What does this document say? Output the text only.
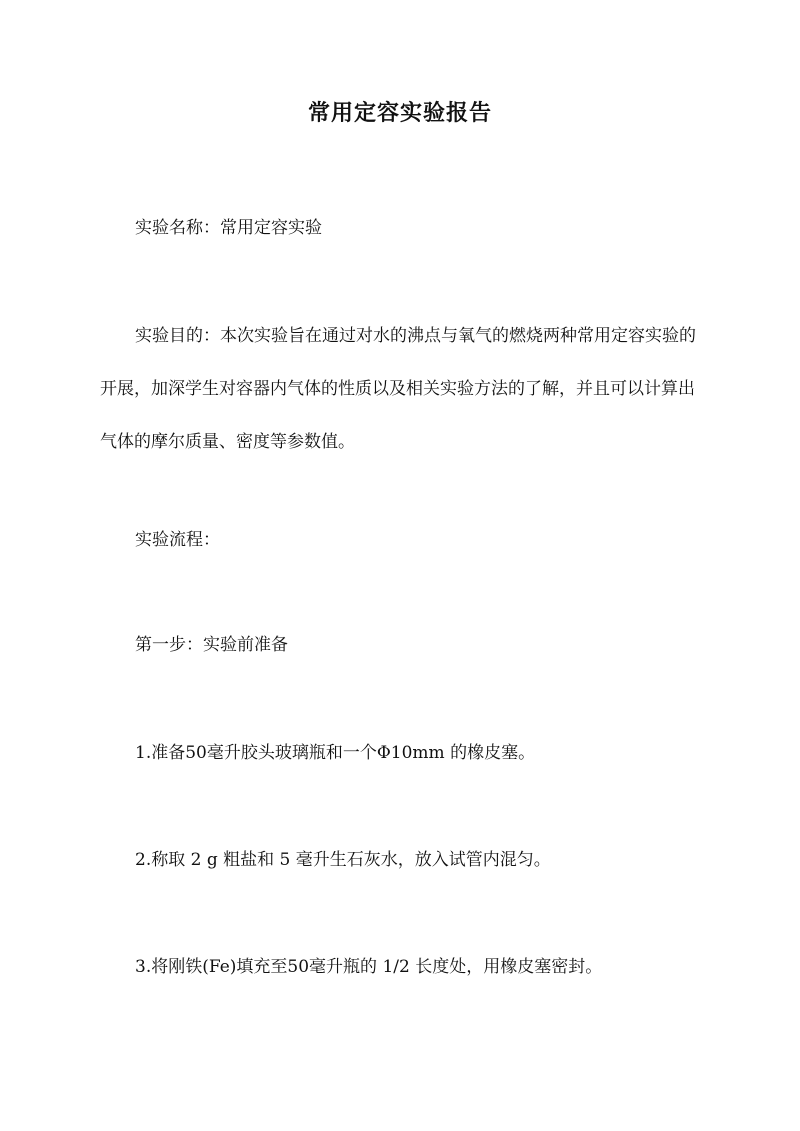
常用定容实验报告

实验名称：常用定容实验

实验目的：本次实验旨在通过对水的沸点与氧气的燃烧两种常用定容实验的开展，加深学生对容器内气体的性质以及相关实验方法的了解，并且可以计算出气体的摩尔质量、密度等参数值。

实验流程：

第一步：实验前准备

1.准备50毫升胶头玻璃瓶和一个Φ10mm 的橡皮塞。

2.称取 2 g 粗盐和 5 毫升生石灰水，放入试管内混匀。

3.将刚铁(Fe)填充至50毫升瓶的 1/2 长度处，用橡皮塞密封。
